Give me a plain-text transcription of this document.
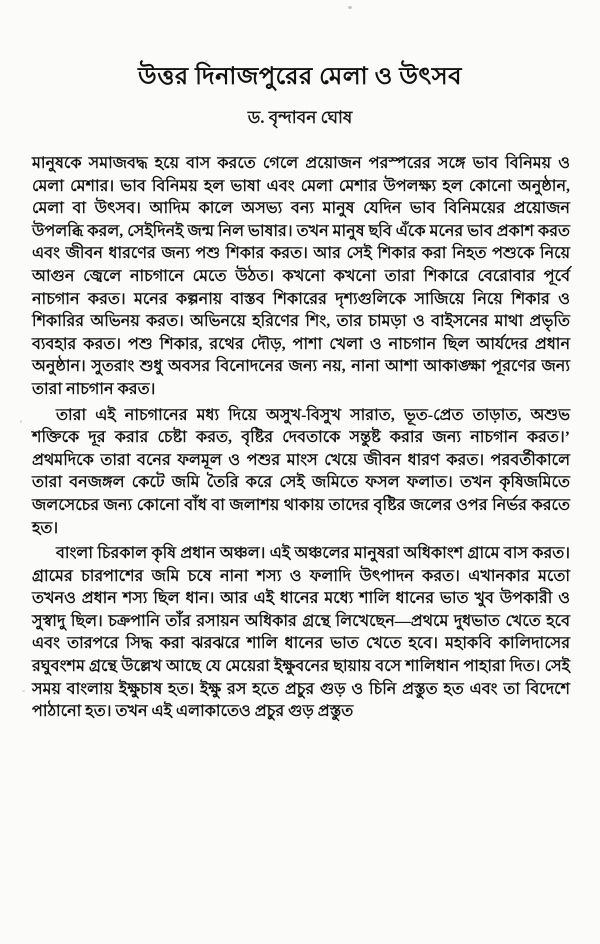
উত্তর দিনাজপুরের মেলা ও উৎসব
ড. বৃন্দাবন ঘোষ

মানুষকে সমাজবদ্ধ হয়ে বাস করতে গেলে প্রয়োজন পরস্পরের সঙ্গে ভাব বিনিময় ও মেলা মেশার। ভাব বিনিময় হল ভাষা এবং মেলা মেশার উপলক্ষ্য হল কোনো অনুষ্ঠান, মেলা বা উৎসব। আদিম কালে অসভ্য বন্য মানুষ যেদিন ভাব বিনিময়ের প্রয়োজন উপলব্ধি করল, সেইদিনই জন্ম নিল ভাষার। তখন মানুষ ছবি এঁকে মনের ভাব প্রকাশ করত এবং জীবন ধারণের জন্য পশু শিকার করত। আর সেই শিকার করা নিহত পশুকে নিয়ে আগুন জ্বেলে নাচগানে মেতে উঠত। কখনো কখনো তারা শিকারে বেরোবার পূর্বে নাচগান করত। মনের কল্পনায় বাস্তব শিকারের দৃশ্যগুলিকে সাজিয়ে নিয়ে শিকার ও শিকারির অভিনয় করত। অভিনয়ে হরিণের শিং, তার চামড়া ও বাইসনের মাথা প্রভৃতি ব্যবহার করত। পশু শিকার, রথের দৌড়, পাশা খেলা ও নাচগান ছিল আর্যদের প্রধান অনুষ্ঠান। সুতরাং শুধু অবসর বিনোদনের জন্য নয়, নানা আশা আকাঙ্ক্ষা পূরণের জন্য তারা নাচগান করত।

তারা এই নাচগানের মধ্য দিয়ে অসুখ-বিসুখ সারাত, ভূত-প্রেত তাড়াত, অশুভ শক্তিকে দূর করার চেষ্টা করত, বৃষ্টির দেবতাকে সন্তুষ্ট করার জন্য নাচগান করত।’ প্রথমদিকে তারা বনের ফলমূল ও পশুর মাংস খেয়ে জীবন ধারণ করত। পরবর্তীকালে তারা বনজঙ্গল কেটে জমি তৈরি করে সেই জমিতে ফসল ফলাত। তখন কৃষিজমিতে জলসেচের জন্য কোনো বাঁধ বা জলাশয় থাকায় তাদের বৃষ্টির জলের ওপর নির্ভর করতে হত।

বাংলা চিরকাল কৃষি প্রধান অঞ্চল। এই অঞ্চলের মানুষরা অধিকাংশ গ্রামে বাস করত। গ্রামের চারপাশের জমি চষে নানা শস্য ও ফলাদি উৎপাদন করত। এখানকার মতো তখনও প্রধান শস্য ছিল ধান। আর এই ধানের মধ্যে শালি ধানের ভাত খুব উপকারী ও সুস্বাদু ছিল। চক্রপানি তাঁর রসায়ন অধিকার গ্রন্থে লিখেছেন—প্রথমে দুধভাত খেতে হবে এবং তারপরে সিদ্ধ করা ঝরঝরে শালি ধানের ভাত খেতে হবে। মহাকবি কালিদাসের রঘুবংশম গ্রন্থে উল্লেখ আছে যে মেয়েরা ইক্ষুবনের ছায়ায় বসে শালিধান পাহারা দিত। সেই সময় বাংলায় ইক্ষুচাষ হত। ইক্ষু রস হতে প্রচুর গুড় ও চিনি প্রস্তুত হত এবং তা বিদেশে পাঠানো হত। তখন এই এলাকাতেও প্রচুর গুড় প্রস্তুত
